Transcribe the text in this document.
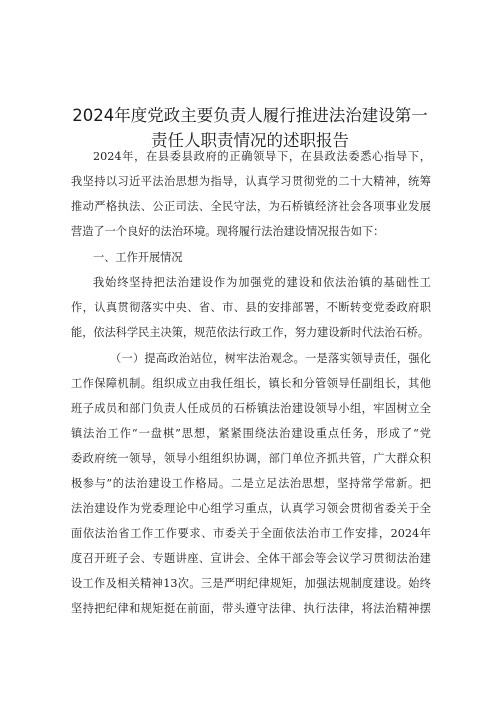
2024年度党政主要负责人履行推进法治建设第一
责任人职责情况的述职报告
2024年，在县委县政府的正确领导下，在县政法委悉心指导下，
我坚持以习近平法治思想为指导，认真学习贯彻党的二十大精神，统筹
推动严格执法、公正司法、全民守法，为石桥镇经济社会各项事业发展
营造了一个良好的法治环境。现将履行法治建设情况报告如下：
一、工作开展情况
我始终坚持把法治建设作为加强党的建设和依法治镇的基础性工
作，认真贯彻落实中央、省、市、县的安排部署，不断转变党委政府职
能，依法科学民主决策，规范依法行政工作，努力建设新时代法治石桥。
（一）提高政治站位，树牢法治观念。一是落实领导责任，强化
工作保障机制。组织成立由我任组长，镇长和分管领导任副组长，其他
班子成员和部门负责人任成员的石桥镇法治建设领导小组，牢固树立全
镇法治工作“一盘棋”思想，紧紧围绕法治建设重点任务，形成了“党
委政府统一领导，领导小组组织协调，部门单位齐抓共管，广大群众积
极参与”的法治建设工作格局。二是立足法治思想，坚持常学常新。把
法治建设作为党委理论中心组学习重点，认真学习领会贯彻省委关于全
面依法治省工作工作要求、市委关于全面依法治市工作安排，2024年
度召开班子会、专题讲座、宣讲会、全体干部会等会议学习贯彻法治建
设工作及相关精神13次。三是严明纪律规矩，加强法规制度建设。始终
坚持把纪律和规矩挺在前面，带头遵守法律、执行法律，将法治精神摆
